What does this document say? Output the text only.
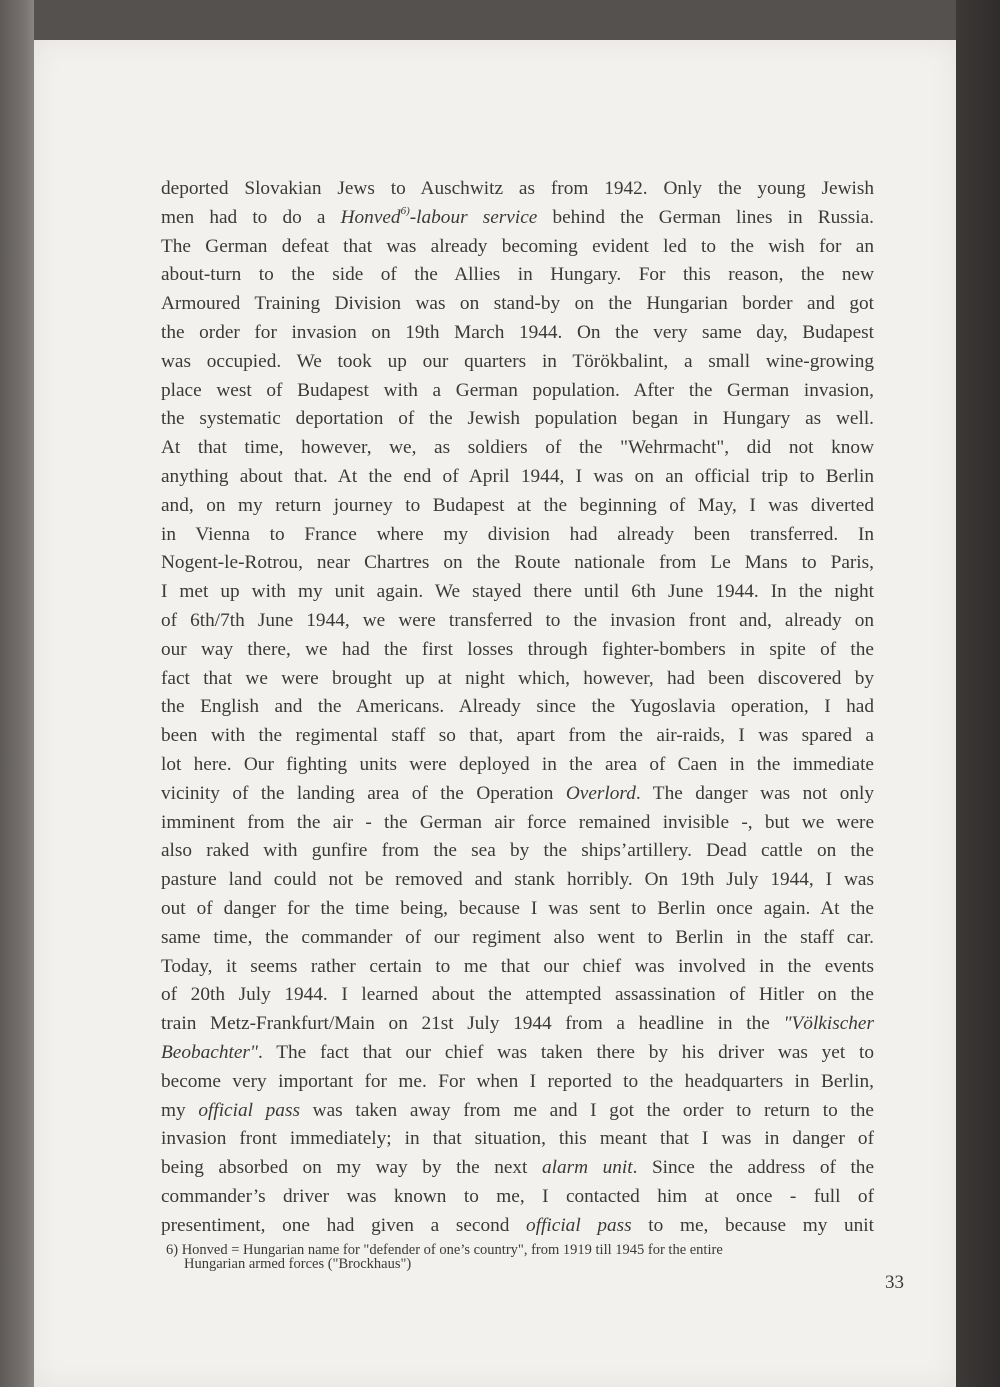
deported Slovakian Jews to Auschwitz as from 1942. Only the young Jewish
men had to do a Honved$^{6)}$-labour service behind the German lines in Russia.
The German defeat that was already becoming evident led to the wish for an
about-turn to the side of the Allies in Hungary. For this reason, the new
Armoured Training Division was on stand-by on the Hungarian border and got
the order for invasion on 19th March 1944. On the very same day, Budapest
was occupied. We took up our quarters in Törökbalint, a small wine-growing
place west of Budapest with a German population. After the German invasion,
the systematic deportation of the Jewish population began in Hungary as well.
At that time, however, we, as soldiers of the "Wehrmacht", did not know
anything about that. At the end of April 1944, I was on an official trip to Berlin
and, on my return journey to Budapest at the beginning of May, I was diverted
in Vienna to France where my division had already been transferred. In
Nogent-le-Rotrou, near Chartres on the Route nationale from Le Mans to Paris,
I met up with my unit again. We stayed there until 6th June 1944. In the night
of 6th/7th June 1944, we were transferred to the invasion front and, already on
our way there, we had the first losses through fighter-bombers in spite of the
fact that we were brought up at night which, however, had been discovered by
the English and the Americans. Already since the Yugoslavia operation, I had
been with the regimental staff so that, apart from the air-raids, I was spared a
lot here. Our fighting units were deployed in the area of Caen in the immediate
vicinity of the landing area of the Operation Overlord. The danger was not only
imminent from the air - the German air force remained invisible -, but we were
also raked with gunfire from the sea by the ships’artillery. Dead cattle on the
pasture land could not be removed and stank horribly. On 19th July 1944, I was
out of danger for the time being, because I was sent to Berlin once again. At the
same time, the commander of our regiment also went to Berlin in the staff car.
Today, it seems rather certain to me that our chief was involved in the events
of 20th July 1944. I learned about the attempted assassination of Hitler on the
train Metz-Frankfurt/Main on 21st July 1944 from a headline in the "Völkischer
Beobachter". The fact that our chief was taken there by his driver was yet to
become very important for me. For when I reported to the headquarters in Berlin,
my official pass was taken away from me and I got the order to return to the
invasion front immediately; in that situation, this meant that I was in danger of
being absorbed on my way by the next alarm unit. Since the address of the
commander’s driver was known to me, I contacted him at once - full of
presentiment, one had given a second official pass to me, because my unit
6) Honved = Hungarian name for "defender of one’s country", from 1919 till 1945 for the entire
Hungarian armed forces ("Brockhaus")
33
